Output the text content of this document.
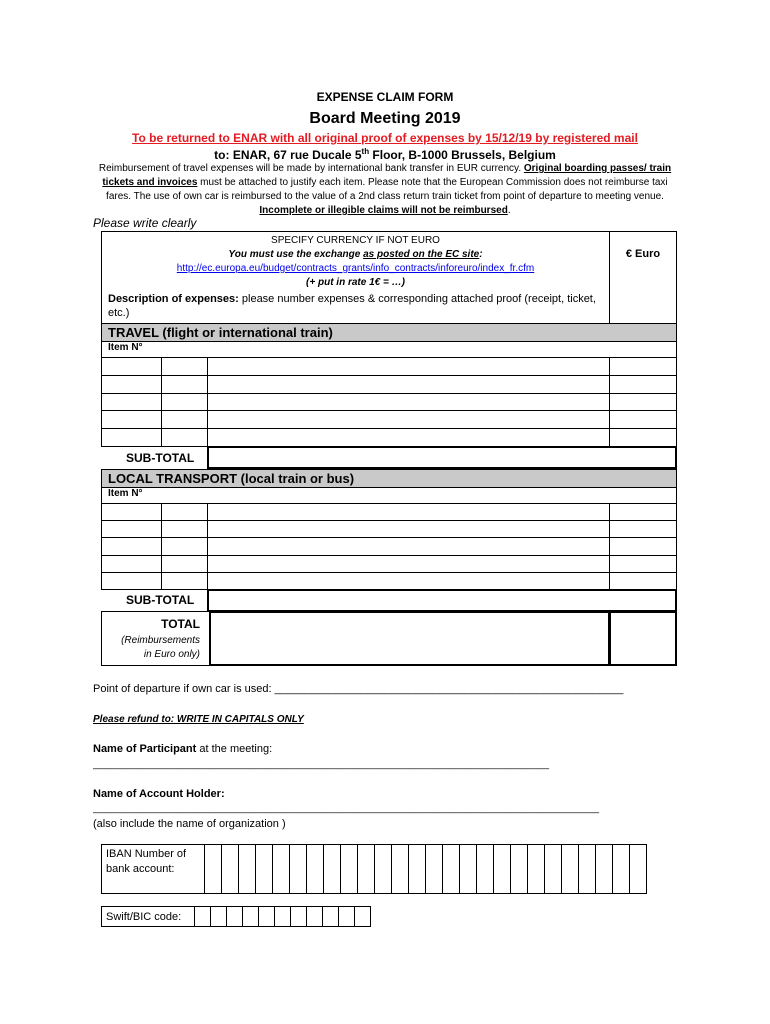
EXPENSE CLAIM FORM
Board Meeting 2019
To be returned to ENAR with all original proof of expenses by 15/12/19 by registered mail
to: ENAR, 67 rue Ducale 5th Floor, B-1000 Brussels, Belgium
Reimbursement of travel expenses will be made by international bank transfer in EUR currency. Original boarding passes/ train tickets and invoices must be attached to justify each item. Please note that the European Commission does not reimburse taxi fares. The use of own car is reimbursed to the value of a 2nd class return train ticket from point of departure to meeting venue. Incomplete or illegible claims will not be reimbursed.
Please write clearly
SPECIFY CURRENCY IF NOT EURO
You must use the exchange as posted on the EC site:
http://ec.europa.eu/budget/contracts_grants/info_contracts/inforeuro/index_fr.cfm
(+ put in rate 1€ = …)
Description of expenses: please number expenses & corresponding attached proof (receipt, ticket, etc.)
€ Euro
TRAVEL (flight or international train)
Item N°
SUB-TOTAL
LOCAL TRANSPORT (local train or bus)
Item N°
SUB-TOTAL
TOTAL
(Reimbursements
in Euro only)
Point of departure if own car is used: _________________________________________________________
Please refund to: WRITE IN CAPITALS ONLY
Name of Participant at the meeting:
__________________________________________________________________________________
Name of Account Holder:
___________________________________________________________________________________________
(also include the name of organization )
IBAN Number of bank account:																										
Swift/BIC code:											
